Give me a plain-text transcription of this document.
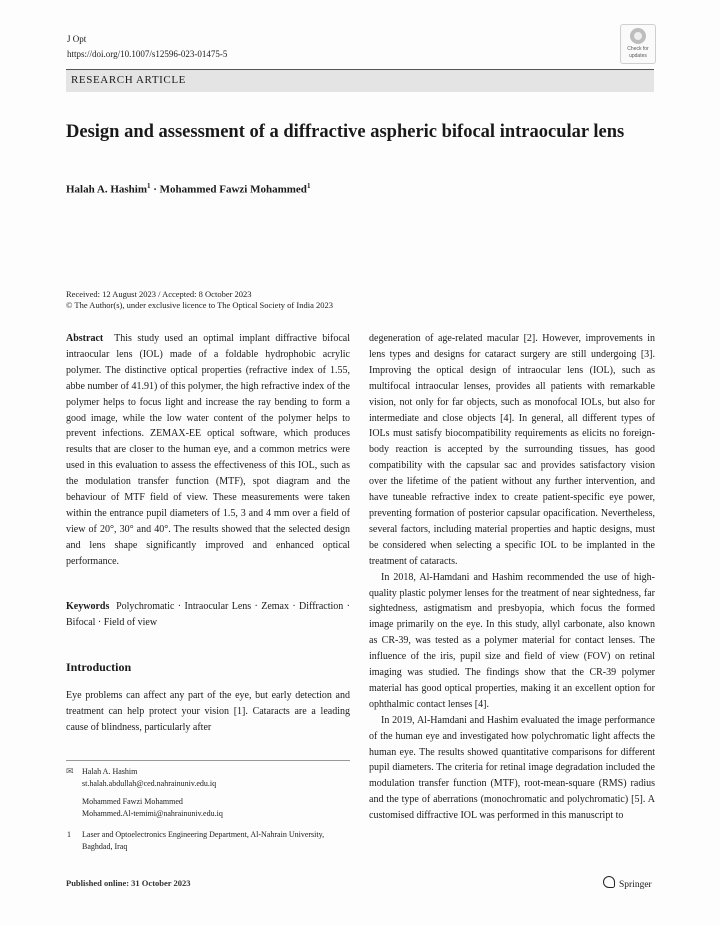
J Opt
https://doi.org/10.1007/s12596-023-01475-5	Check for
updates
RESEARCH ARTICLE
Design and assessment of a diffractive aspheric bifocal intraocular lens
Halah A. Hashim$^1$ · Mohammed Fawzi Mohammed$^1$
Received: 12 August 2023 / Accepted: 8 October 2023
© The Author(s), under exclusive licence to The Optical Society of India 2023

Abstract This study used an optimal implant diffractive bifocal intraocular lens (IOL) made of a foldable hydrophobic acrylic polymer. The distinctive optical properties (refractive index of 1.55, abbe number of 41.91) of this polymer, the high refractive index of the polymer helps to focus light and increase the ray bending to form a good image, while the low water content of the polymer helps to prevent infections. ZEMAX-EE optical software, which produces results that are closer to the human eye, and a common metrics were used in this evaluation to assess the effectiveness of this IOL, such as the modulation transfer function (MTF), spot diagram and the behaviour of MTF field of view. These measurements were taken within the entrance pupil diameters of 1.5, 3 and 4 mm over a field of view of 20°, 30° and 40°. The results showed that the selected design and lens shape significantly improved and enhanced optical performance.

Keywords Polychromatic · Intraocular Lens · Zemax · Diffraction · Bifocal · Field of view

Introduction

Eye problems can affect any part of the eye, but early detection and treatment can help protect your vision [1]. Cataracts are a leading cause of blindness, particularly after

✉ Halah A. Hashim
st.halah.abdullah@ced.nahrainuniv.edu.iq
Mohammed Fawzi Mohammed
Mohammed.Al-temimi@nahrainuniv.edu.iq
1 Laser and Optoelectronics Engineering Department, Al-Nahrain University, Baghdad, Iraq

degeneration of age-related macular [2]. However, improvements in lens types and designs for cataract surgery are still undergoing [3]. Improving the optical design of intraocular lens (IOL), such as multifocal intraocular lenses, provides all patients with remarkable vision, not only for far objects, such as monofocal IOLs, but also for intermediate and close objects [4]. In general, all different types of IOLs must satisfy biocompatibility requirements as elicits no foreign-body reaction is accepted by the surrounding tissues, has good compatibility with the capsular sac and provides satisfactory vision over the lifetime of the patient without any further intervention, and have tuneable refractive index to create patient-specific eye power, preventing formation of posterior capsular opacification. Nevertheless, several factors, including material properties and haptic designs, must be considered when selecting a specific IOL to be implanted in the treatment of cataracts.

In 2018, Al-Hamdani and Hashim recommended the use of high-quality plastic polymer lenses for the treatment of near sightedness, far sightedness, astigmatism and presbyopia, which focus the formed image primarily on the eye. In this study, allyl carbonate, also known as CR-39, was tested as a polymer material for contact lenses. The influence of the iris, pupil size and field of view (FOV) on retinal imaging was studied. The findings show that the CR-39 polymer material has good optical properties, making it an excellent option for ophthalmic contact lenses [4].

In 2019, Al-Hamdani and Hashim evaluated the image performance of the human eye and investigated how polychromatic light affects the human eye. The results showed quantitative comparisons for different pupil diameters. The criteria for retinal image degradation included the modulation transfer function (MTF), root-mean-square (RMS) radius and the type of aberrations (monochromatic and polychromatic) [5]. A customised diffractive IOL was performed in this manuscript to

Published online: 31 October 2023	Springer
